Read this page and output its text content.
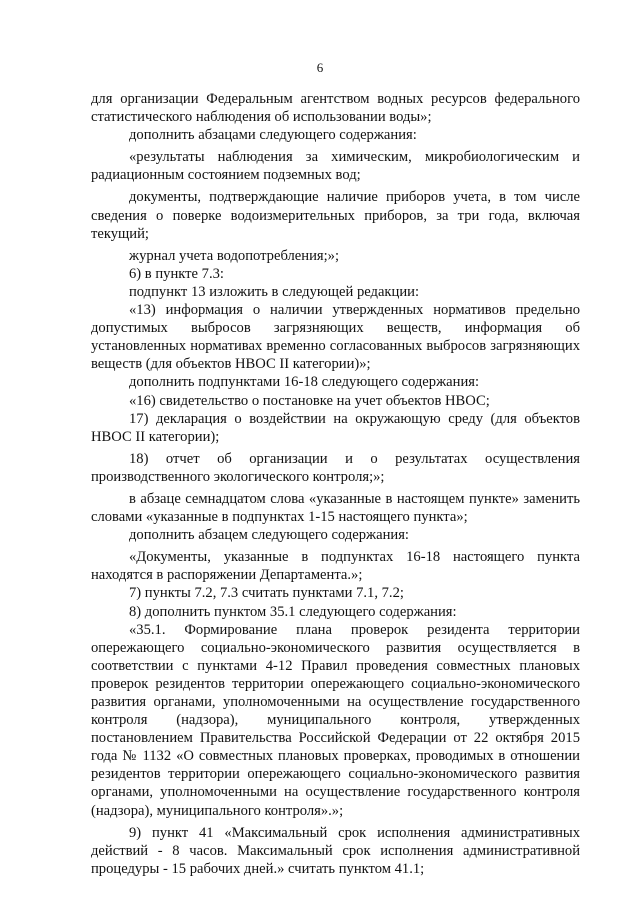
6

для организации Федеральным агентством водных ресурсов федерального статистического наблюдения об использовании воды»;

дополнить абзацами следующего содержания:

«результаты наблюдения за химическим, микробиологическим и радиационным состоянием подземных вод;

документы, подтверждающие наличие приборов учета, в том числе сведения о поверке водоизмерительных приборов, за три года, включая текущий;

журнал учета водопотребления;»;

6) в пункте 7.3:

подпункт 13 изложить в следующей редакции:

«13) информация о наличии утвержденных нормативов предельно допустимых выбросов загрязняющих веществ, информация об установленных нормативах временно согласованных выбросов загрязняющих веществ (для объектов НВОС II категории)»;

дополнить подпунктами 16-18 следующего содержания:

«16) свидетельство о постановке на учет объектов НВОС;

17) декларация о воздействии на окружающую среду (для объектов НВОС II категории);

18) отчет об организации и о результатах осуществления производственного экологического контроля;»;

в абзаце семнадцатом слова «указанные в настоящем пункте» заменить словами «указанные в подпунктах 1-15 настоящего пункта»;

дополнить абзацем следующего содержания:

«Документы, указанные в подпунктах 16-18 настоящего пункта находятся в распоряжении Департамента.»;

7) пункты 7.2, 7.3 считать пунктами 7.1, 7.2;

8) дополнить пунктом 35.1 следующего содержания:

«35.1. Формирование плана проверок резидента территории опережающего социально-экономического развития осуществляется в соответствии с пунктами 4-12 Правил проведения совместных плановых проверок резидентов территории опережающего социально-экономического развития органами, уполномоченными на осуществление государственного контроля (надзора), муниципального контроля, утвержденных постановлением Правительства Российской Федерации от 22 октября 2015 года № 1132 «О совместных плановых проверках, проводимых в отношении резидентов территории опережающего социально-экономического развития органами, уполномоченными на осуществление государственного контроля (надзора), муниципального контроля».»;

9) пункт 41 «Максимальный срок исполнения административных действий - 8 часов. Максимальный срок исполнения административной процедуры - 15 рабочих дней.» считать пунктом 41.1;
